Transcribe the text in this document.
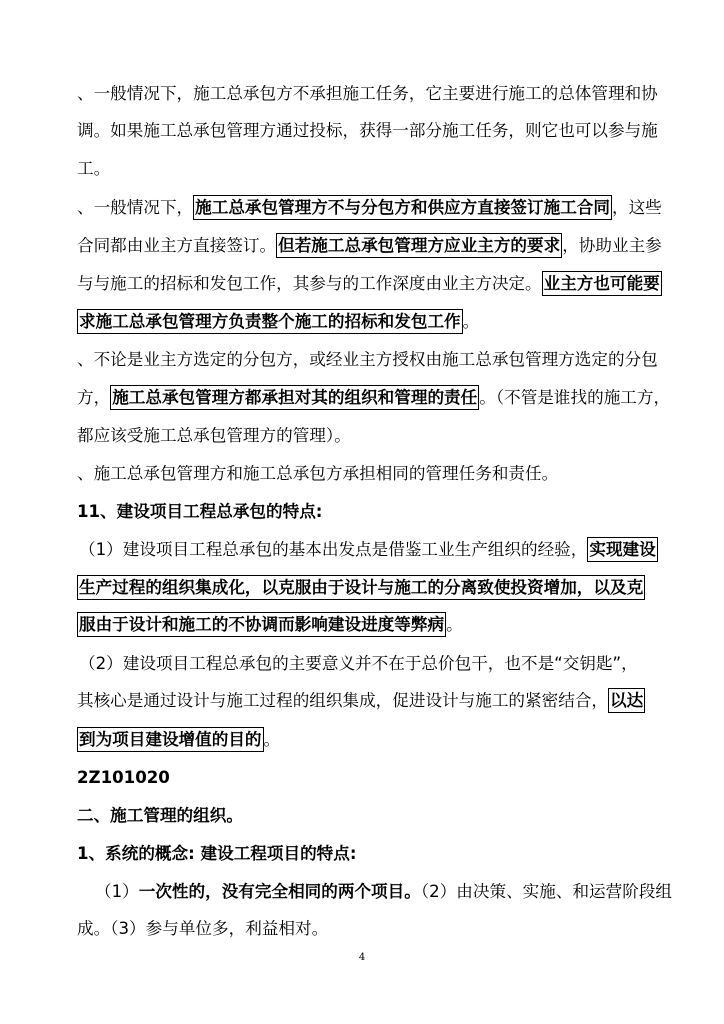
、一般情况下，施工总承包方不承担施工任务，它主要进行施工的总体管理和协
调。如果施工总承包管理方通过投标，获得一部分施工任务，则它也可以参与施
工。
、一般情况下， 施工总承包管理方不与分包方和供应方直接签订施工合同 ，这些
合同都由业主方直接签订。 但若施工总承包管理方应业主方的要求 ，协助业主参
与与施工的招标和发包工作，其参与的工作深度由业主方决定。 业主方也可能要
求施工总承包管理方负责整个施工的招标和发包工作 。
、不论是业主方选定的分包方，或经业主方授权由施工总承包管理方选定的分包
方， 施工总承包管理方都承担对其的组织和管理的责任 。（不管是谁找的施工方，
都应该受施工总承包管理方的管理）。
、施工总承包管理方和施工总承包方承担相同的管理任务和责任。
11、建设项目工程总承包的特点:
（1）建设项目工程总承包的基本出发点是借鉴工业生产组织的经验， 实现建设
生产过程的组织集成化，以克服由于设计与施工的分离致使投资增加，以及克
服由于设计和施工的不协调而影响建设进度等弊病 。
（2）建设项目工程总承包的主要意义并不在于总价包干，也不是“交钥匙”，
其核心是通过设计与施工过程的组织集成，促进设计与施工的紧密结合， 以达
到为项目建设增值的目的 。
2Z101020
二、施工管理的组织。
1、系统的概念: 建设工程项目的特点:
（1）一次性的，没有完全相同的两个项目。（2）由决策、实施、和运营阶段组
成。（3）参与单位多，利益相对。
4
